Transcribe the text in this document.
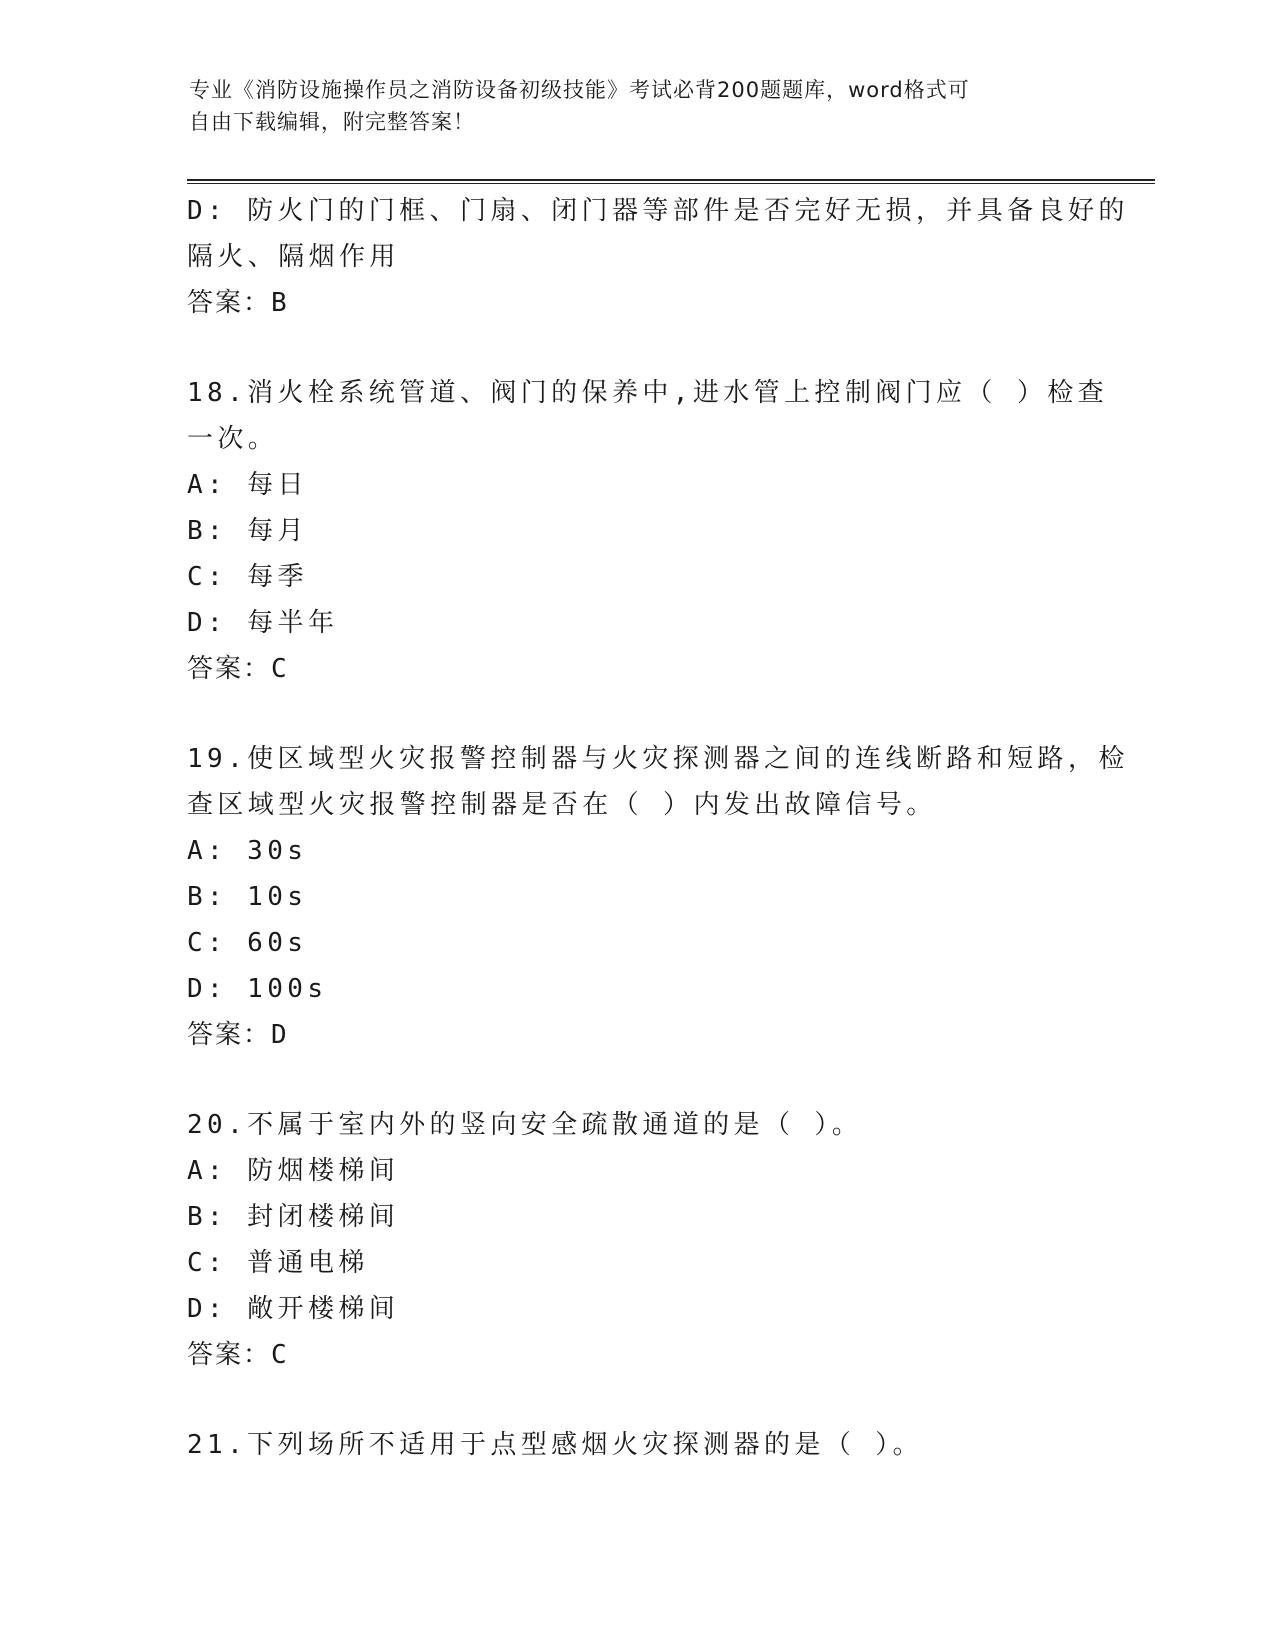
专业《消防设施操作员之消防设备初级技能》考试必背200题题库，word格式可
自由下载编辑，附完整答案！
D: 防火门的门框、门扇、闭门器等部件是否完好无损，并具备良好的
隔火、隔烟作用
答案：B
18.消火栓系统管道、阀门的保养中,进水管上控制阀门应（ ）检查
一次。
A: 每日
B: 每月
C: 每季
D: 每半年
答案：C
19.使区域型火灾报警控制器与火灾探测器之间的连线断路和短路，检
查区域型火灾报警控制器是否在（ ）内发出故障信号。
A: 30s
B: 10s
C: 60s
D: 100s
答案：D
20.不属于室内外的竖向安全疏散通道的是（ ）。
A: 防烟楼梯间
B: 封闭楼梯间
C: 普通电梯
D: 敞开楼梯间
答案：C
21.下列场所不适用于点型感烟火灾探测器的是（ ）。
